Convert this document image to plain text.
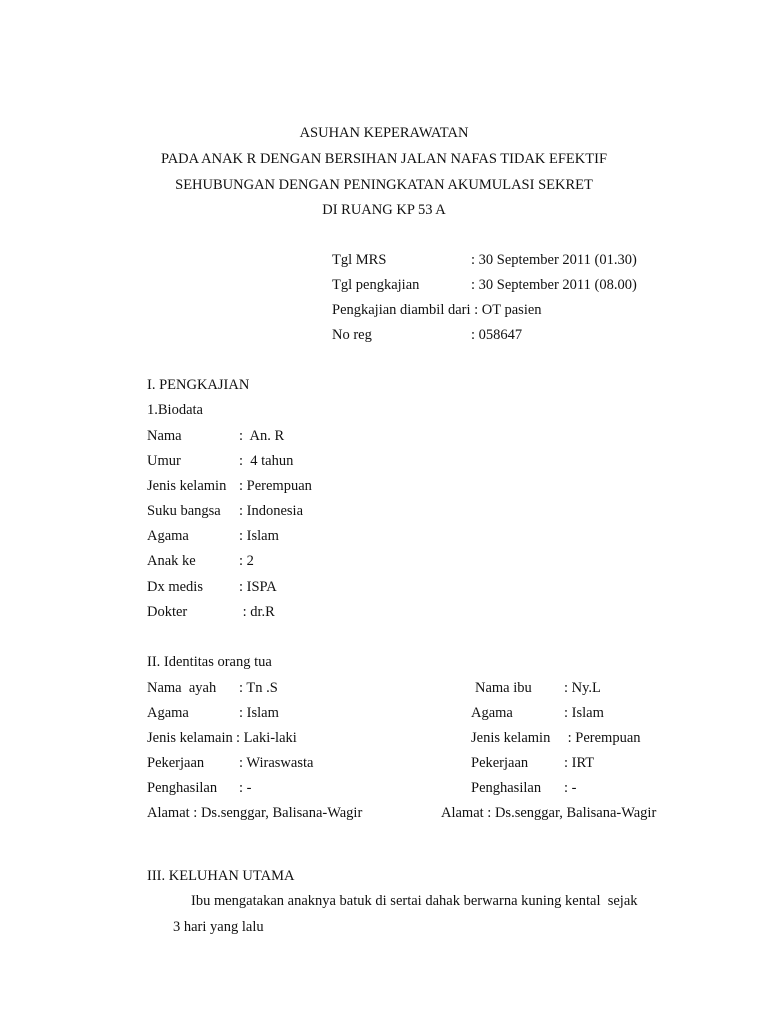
ASUHAN KEPERAWATAN
PADA ANAK R DENGAN BERSIHAN JALAN NAFAS TIDAK EFEKTIF
SEHUBUNGAN DENGAN PENINGKATAN AKUMULASI SEKRET
DI RUANG KP 53 A
Tgl MRS	: 30 September 2011 (01.30)
Tgl pengkajian	: 30 September 2011 (08.00)
Pengkajian diambil dari : OT pasien
No reg	: 058647
I. PENGKAJIAN
1.Biodata
Nama	:  An. R
Umur	:  4 tahun
Jenis kelamin : Perempuan
Suku bangsa : Indonesia
Agama	: Islam
Anak ke	: 2
Dx medis : ISPA
Dokter	: dr.R
II. Identitas orang tua
Nama  ayah : Tn .S	Nama ibu : Ny.L
Agama	: Islam	Agama	: Islam
Jenis kelamain : Laki-laki	Jenis kelamin : Perempuan
Pekerjaan : Wiraswasta	Pekerjaan : IRT
Penghasilan : -	Penghasilan : -
Alamat : Ds.senggar, Balisana-Wagir	Alamat : Ds.senggar, Balisana-Wagir
III. KELUHAN UTAMA
Ibu mengatakan anaknya batuk di sertai dahak berwarna kuning kental  sejak
3 hari yang lalu
